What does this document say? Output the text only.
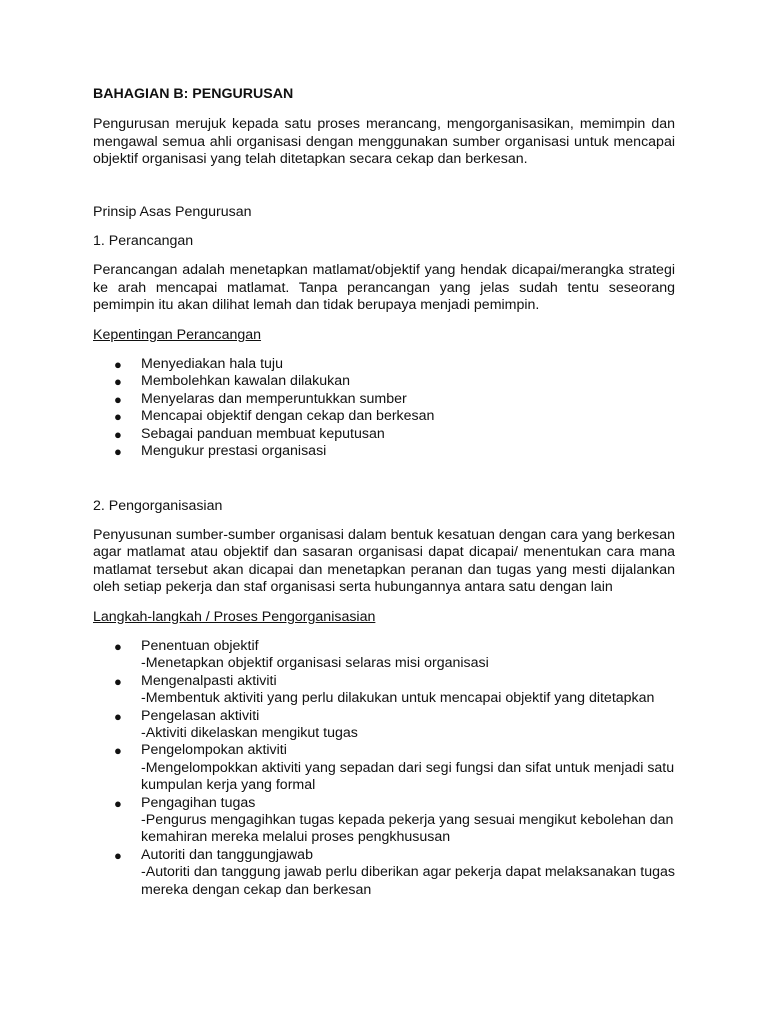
BAHAGIAN B: PENGURUSAN

Pengurusan merujuk kepada satu proses merancang, mengorganisasikan, memimpin dan mengawal semua ahli organisasi dengan menggunakan sumber organisasi untuk mencapai objektif organisasi yang telah ditetapkan secara cekap dan berkesan.

Prinsip Asas Pengurusan

1. Perancangan

Perancangan adalah menetapkan matlamat/objektif yang hendak dicapai/merangka strategi ke arah mencapai matlamat. Tanpa perancangan yang jelas sudah tentu seseorang pemimpin itu akan dilihat lemah dan tidak berupaya menjadi pemimpin.

Kepentingan Perancangan

● Menyediakan hala tuju
● Membolehkan kawalan dilakukan
● Menyelaras dan memperuntukkan sumber
● Mencapai objektif dengan cekap dan berkesan
● Sebagai panduan membuat keputusan
● Mengukur prestasi organisasi

2. Pengorganisasian

Penyusunan sumber-sumber organisasi dalam bentuk kesatuan dengan cara yang berkesan agar matlamat atau objektif dan sasaran organisasi dapat dicapai/ menentukan cara mana matlamat tersebut akan dicapai dan menetapkan peranan dan tugas yang mesti dijalankan oleh setiap pekerja dan staf organisasi serta hubungannya antara satu dengan lain

Langkah-langkah / Proses Pengorganisasian

● Penentuan objektif
-Menetapkan objektif organisasi selaras misi organisasi
● Mengenalpasti aktiviti
-Membentuk aktiviti yang perlu dilakukan untuk mencapai objektif yang ditetapkan
● Pengelasan aktiviti
-Aktiviti dikelaskan mengikut tugas
● Pengelompokan aktiviti
-Mengelompokkan aktiviti yang sepadan dari segi fungsi dan sifat untuk menjadi satu kumpulan kerja yang formal
● Pengagihan tugas
-Pengurus mengagihkan tugas kepada pekerja yang sesuai mengikut kebolehan dan kemahiran mereka melalui proses pengkhususan
● Autoriti dan tanggungjawab
-Autoriti dan tanggung jawab perlu diberikan agar pekerja dapat melaksanakan tugas mereka dengan cekap dan berkesan
